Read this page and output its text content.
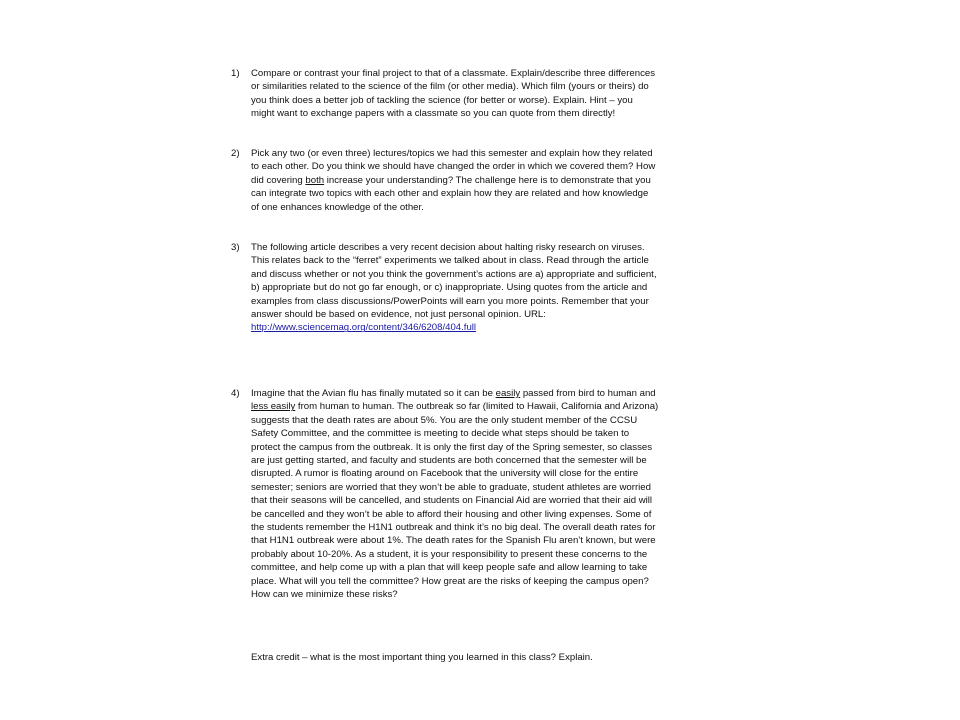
1)	Compare or contrast your final project to that of a classmate. Explain/describe three differences
or similarities related to the science of the film (or other media). Which film (yours or theirs) do
you think does a better job of tackling the science (for better or worse). Explain. Hint – you
might want to exchange papers with a classmate so you can quote from them directly!
2)	Pick any two (or even three) lectures/topics we had this semester and explain how they related
to each other. Do you think we should have changed the order in which we covered them? How
did covering both increase your understanding? The challenge here is to demonstrate that you
can integrate two topics with each other and explain how they are related and how knowledge
of one enhances knowledge of the other.
3)	The following article describes a very recent decision about halting risky research on viruses.
This relates back to the “ferret” experiments we talked about in class. Read through the article
and discuss whether or not you think the government’s actions are a) appropriate and sufficient,
b) appropriate but do not go far enough, or c) inappropriate. Using quotes from the article and
examples from class discussions/PowerPoints will earn you more points. Remember that your
answer should be based on evidence, not just personal opinion. URL:
http://www.sciencemag.org/content/346/6208/404.full
4)	Imagine that the Avian flu has finally mutated so it can be easily passed from bird to human and
less easily from human to human. The outbreak so far (limited to Hawaii, California and Arizona)
suggests that the death rates are about 5%. You are the only student member of the CCSU
Safety Committee, and the committee is meeting to decide what steps should be taken to
protect the campus from the outbreak. It is only the first day of the Spring semester, so classes
are just getting started, and faculty and students are both concerned that the semester will be
disrupted. A rumor is floating around on Facebook that the university will close for the entire
semester; seniors are worried that they won’t be able to graduate, student athletes are worried
that their seasons will be cancelled, and students on Financial Aid are worried that their aid will
be cancelled and they won’t be able to afford their housing and other living expenses. Some of
the students remember the H1N1 outbreak and think it’s no big deal. The overall death rates for
that H1N1 outbreak were about 1%. The death rates for the Spanish Flu aren’t known, but were
probably about 10-20%. As a student, it is your responsibility to present these concerns to the
committee, and help come up with a plan that will keep people safe and allow learning to take
place. What will you tell the committee? How great are the risks of keeping the campus open?
How can we minimize these risks?
Extra credit – what is the most important thing you learned in this class? Explain.
